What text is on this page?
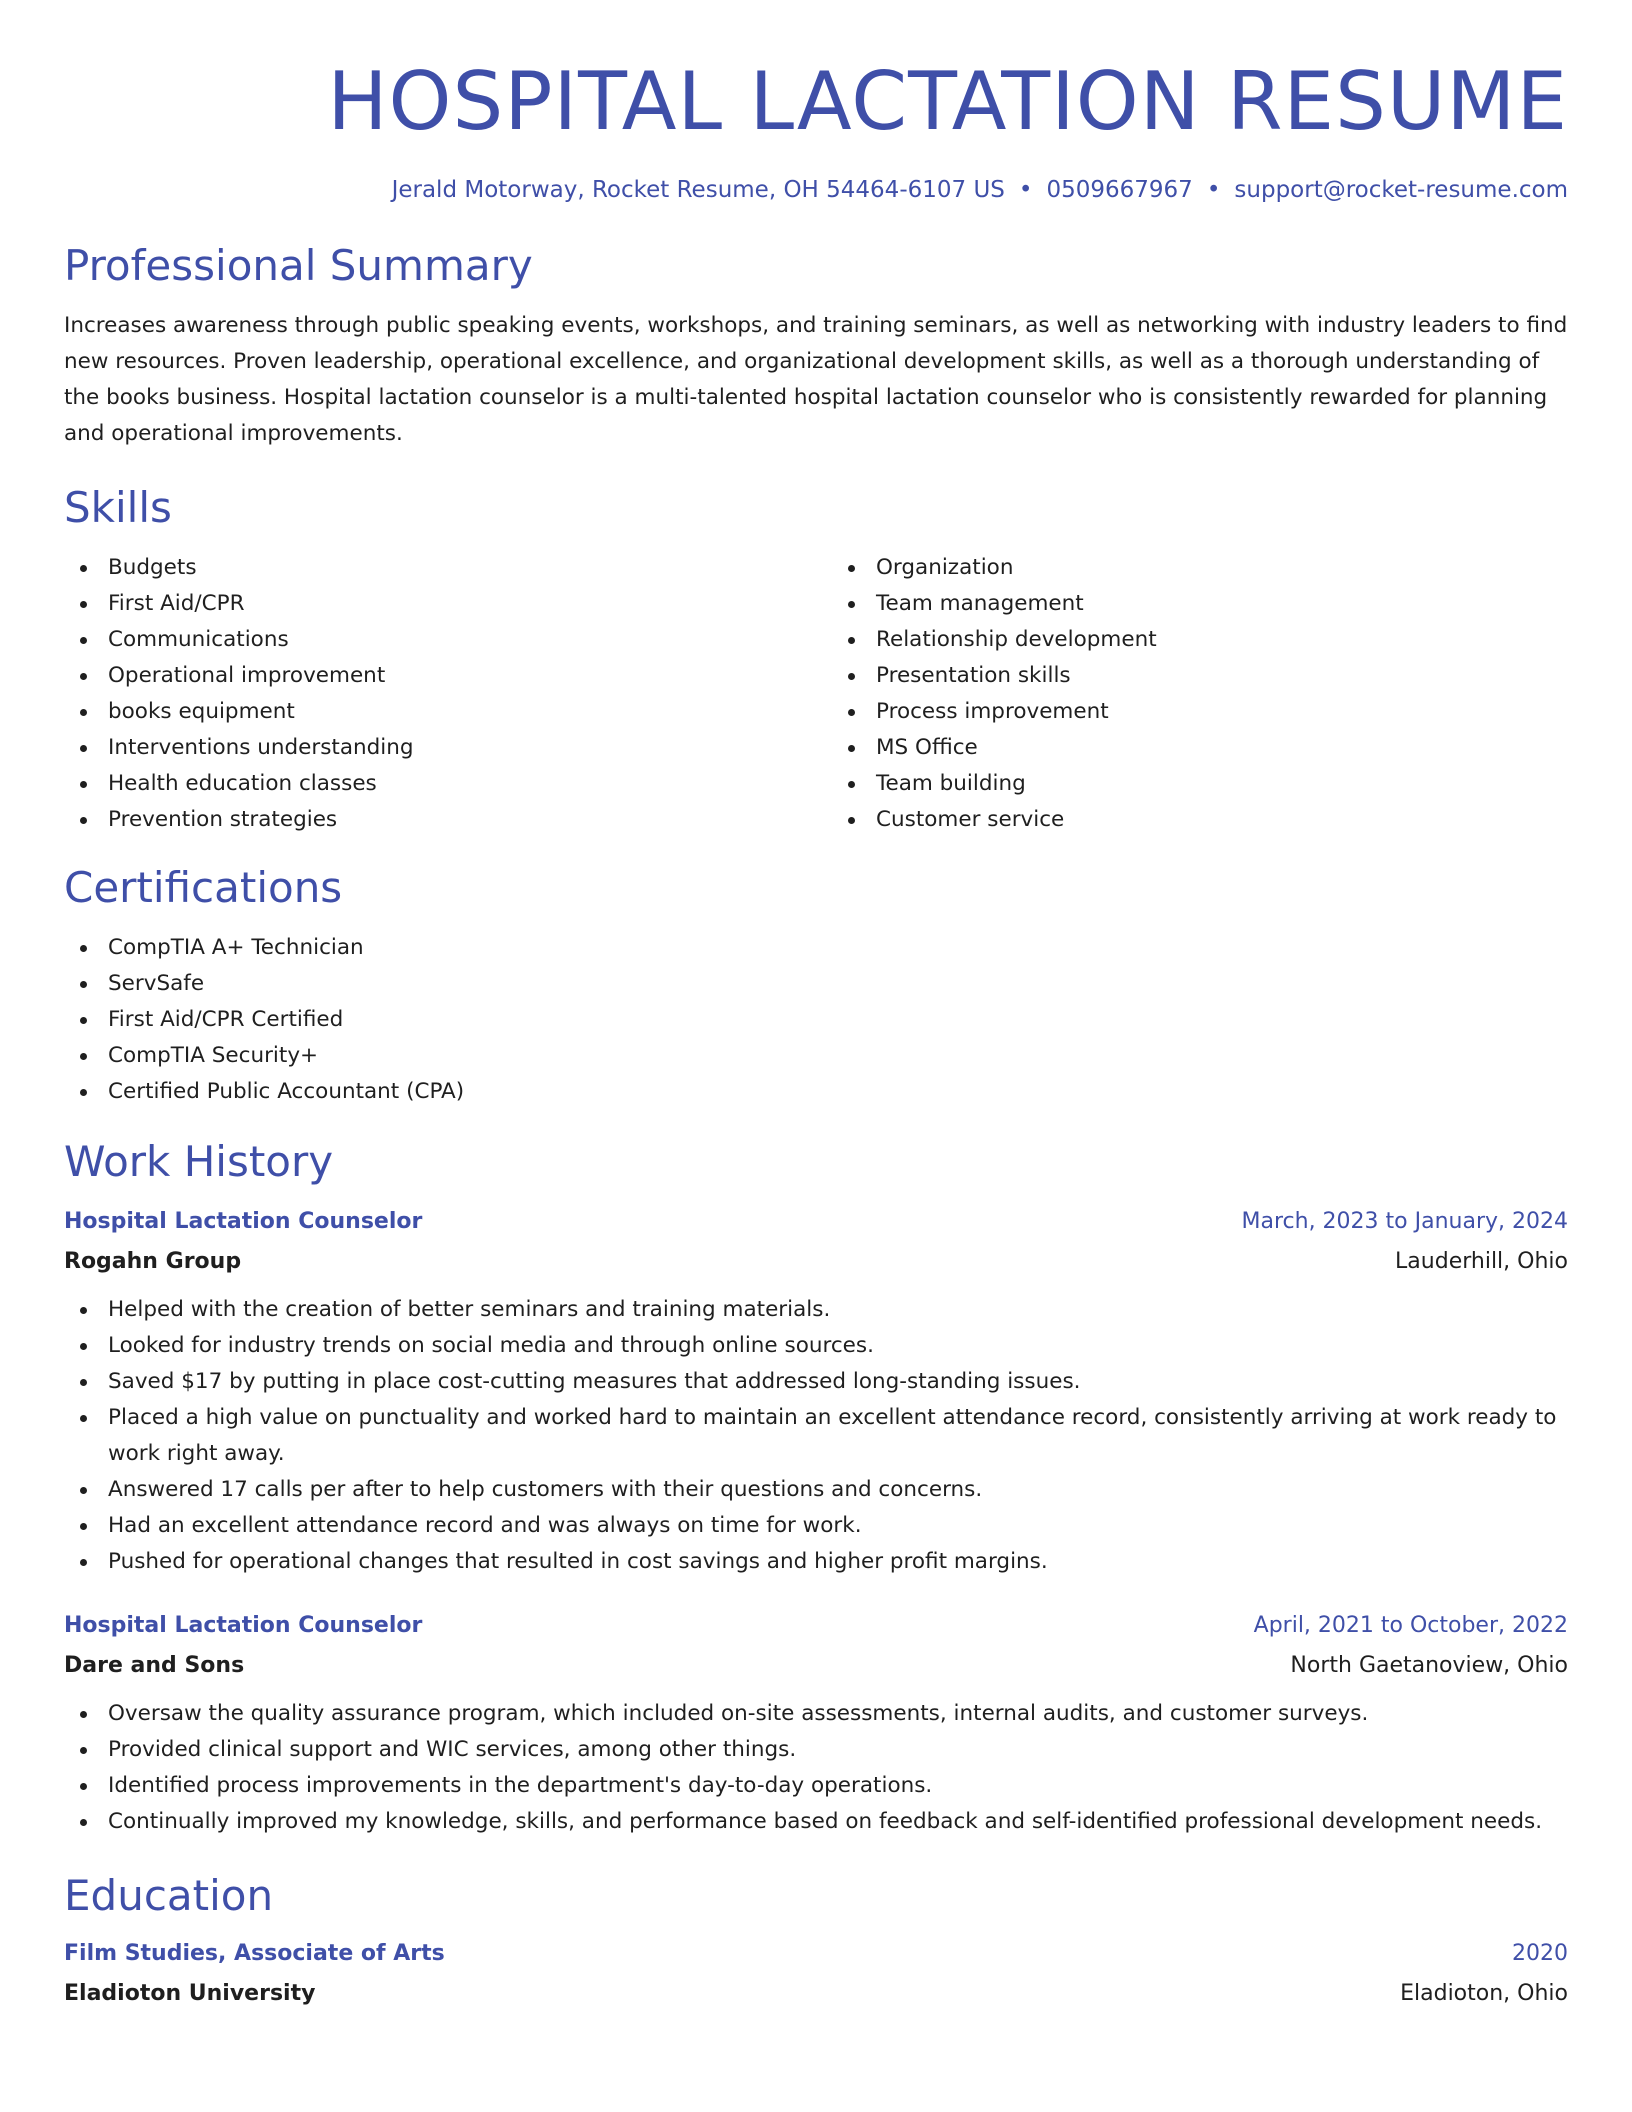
HOSPITAL LACTATION RESUME
Jerald Motorway, Rocket Resume, OH 54464-6107 US • 0509667967 • support@rocket-resume.com
Professional Summary

Increases awareness through public speaking events, workshops, and training seminars, as well as networking with industry leaders to find new resources. Proven leadership, operational excellence, and organizational development skills, as well as a thorough understanding of the books business. Hospital lactation counselor is a multi-talented hospital lactation counselor who is consistently rewarded for planning and operational improvements.

Skills
Budgets
First Aid/CPR
Communications
Operational improvement
books equipment
Interventions understanding
Health education classes
Prevention strategies
Organization
Team management
Relationship development
Presentation skills
Process improvement
MS Office
Team building
Customer service
Certifications
CompTIA A+ Technician
ServSafe
First Aid/CPR Certified
CompTIA Security+
Certified Public Accountant (CPA)
Work History
Hospital Lactation Counselor	March, 2023 to January, 2024
Rogahn Group	Lauderhill, Ohio
Helped with the creation of better seminars and training materials.
Looked for industry trends on social media and through online sources.
Saved $17 by putting in place cost-cutting measures that addressed long-standing issues.
Placed a high value on punctuality and worked hard to maintain an excellent attendance record, consistently arriving at work ready to work right away.
Answered 17 calls per after to help customers with their questions and concerns.
Had an excellent attendance record and was always on time for work.
Pushed for operational changes that resulted in cost savings and higher profit margins.
Hospital Lactation Counselor	April, 2021 to October, 2022
Dare and Sons	North Gaetanoview, Ohio
Oversaw the quality assurance program, which included on-site assessments, internal audits, and customer surveys.
Provided clinical support and WIC services, among other things.
Identified process improvements in the department's day-to-day operations.
Continually improved my knowledge, skills, and performance based on feedback and self-identified professional development needs.
Education
Film Studies, Associate of Arts	2020
Eladioton University	Eladioton, Ohio
